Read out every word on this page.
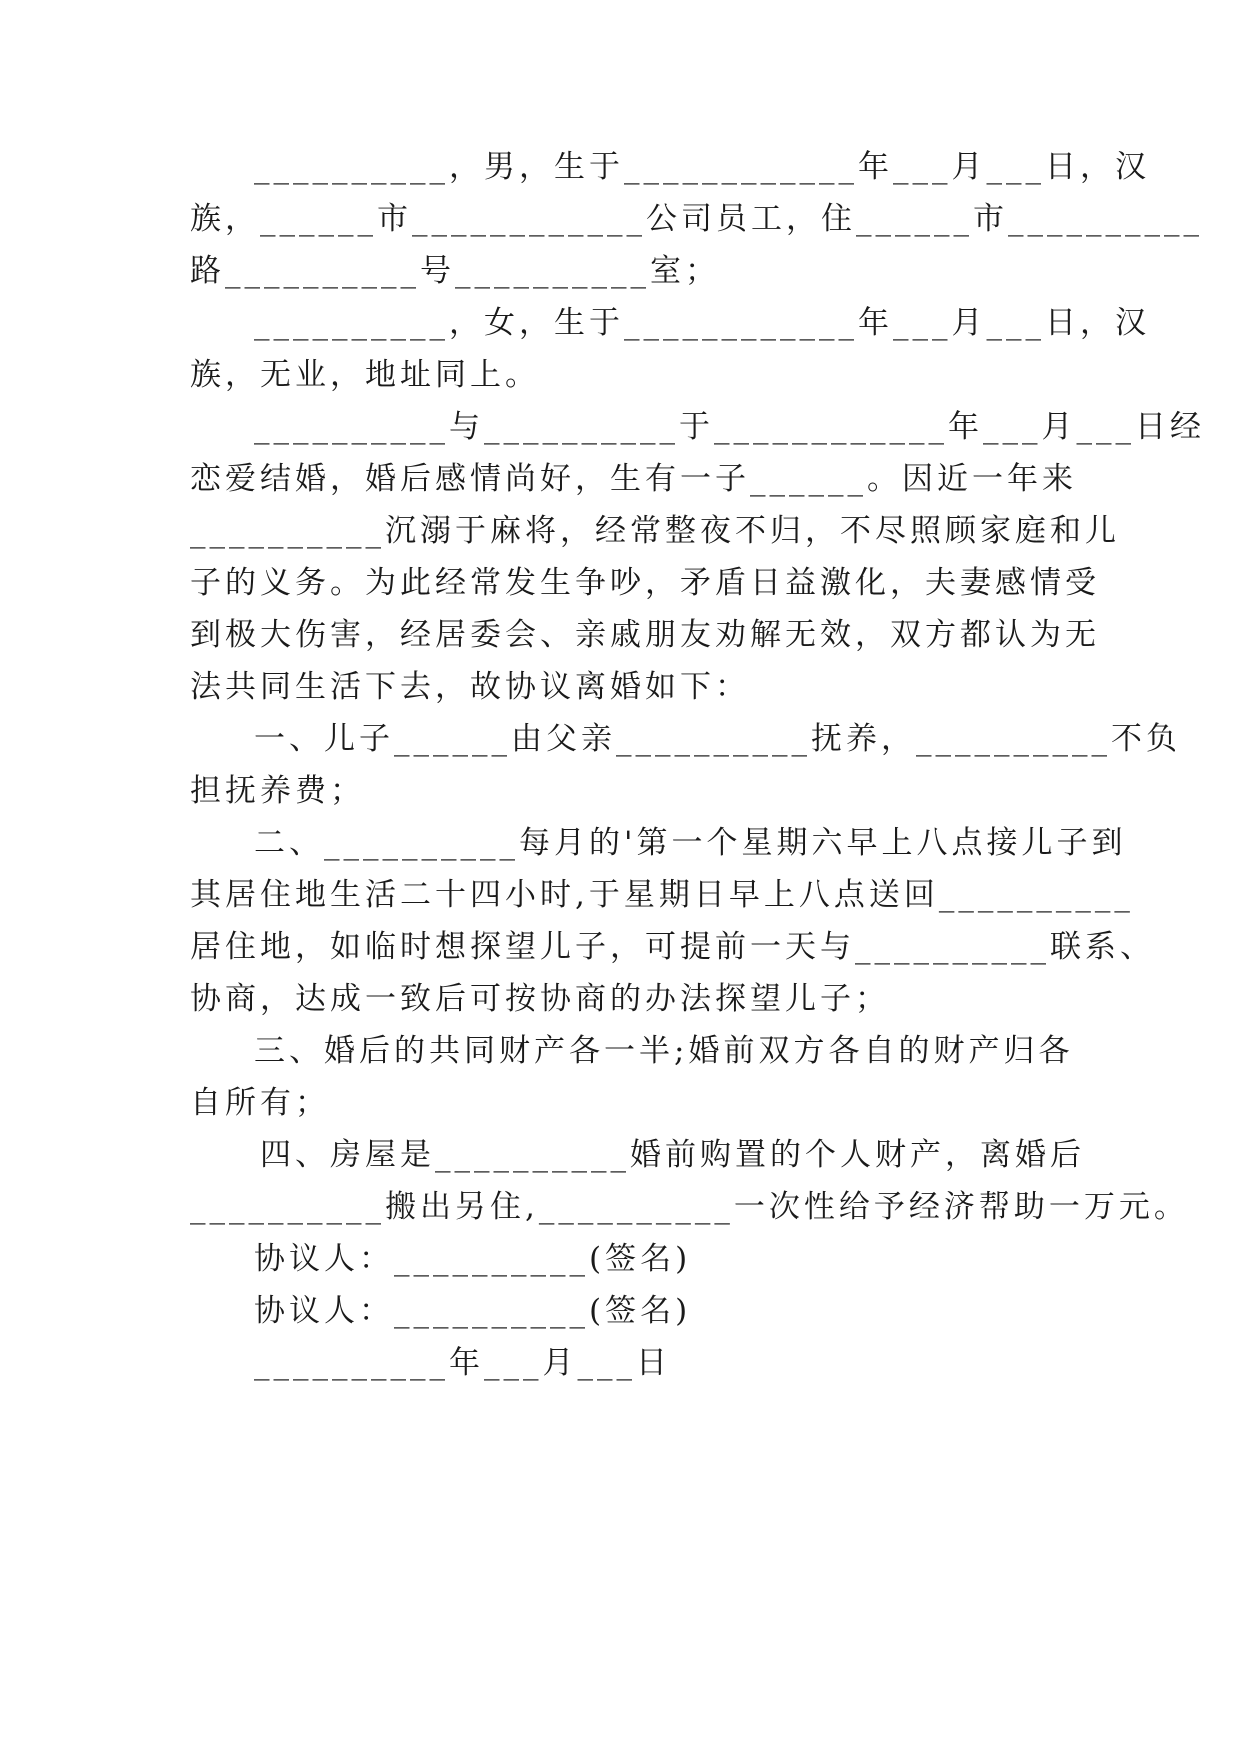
__________，男，生于____________年___月___日，汉
族，______市____________公司员工，住______市__________
路__________号__________室；
__________，女，生于____________年___月___日，汉
族，无业，地址同上。
__________与__________于____________年___月___日经
恋爱结婚，婚后感情尚好，生有一子______。因近一年来
__________沉溺于麻将，经常整夜不归，不尽照顾家庭和儿
子的义务。为此经常发生争吵，矛盾日益激化，夫妻感情受
到极大伤害，经居委会、亲戚朋友劝解无效，双方都认为无
法共同生活下去，故协议离婚如下：
一、儿子______由父亲__________抚养，__________不负
担抚养费；
二、__________每月的'第一个星期六早上八点接儿子到
其居住地生活二十四小时,于星期日早上八点送回__________
居住地，如临时想探望儿子，可提前一天与__________联系、
协商，达成一致后可按协商的办法探望儿子；
三、婚后的共同财产各一半;婚前双方各自的财产归各
自所有；
四、房屋是__________婚前购置的个人财产，离婚后
__________搬出另住,__________一次性给予经济帮助一万元。
协议人：__________(签名)
协议人：__________(签名)
__________年___月___日
